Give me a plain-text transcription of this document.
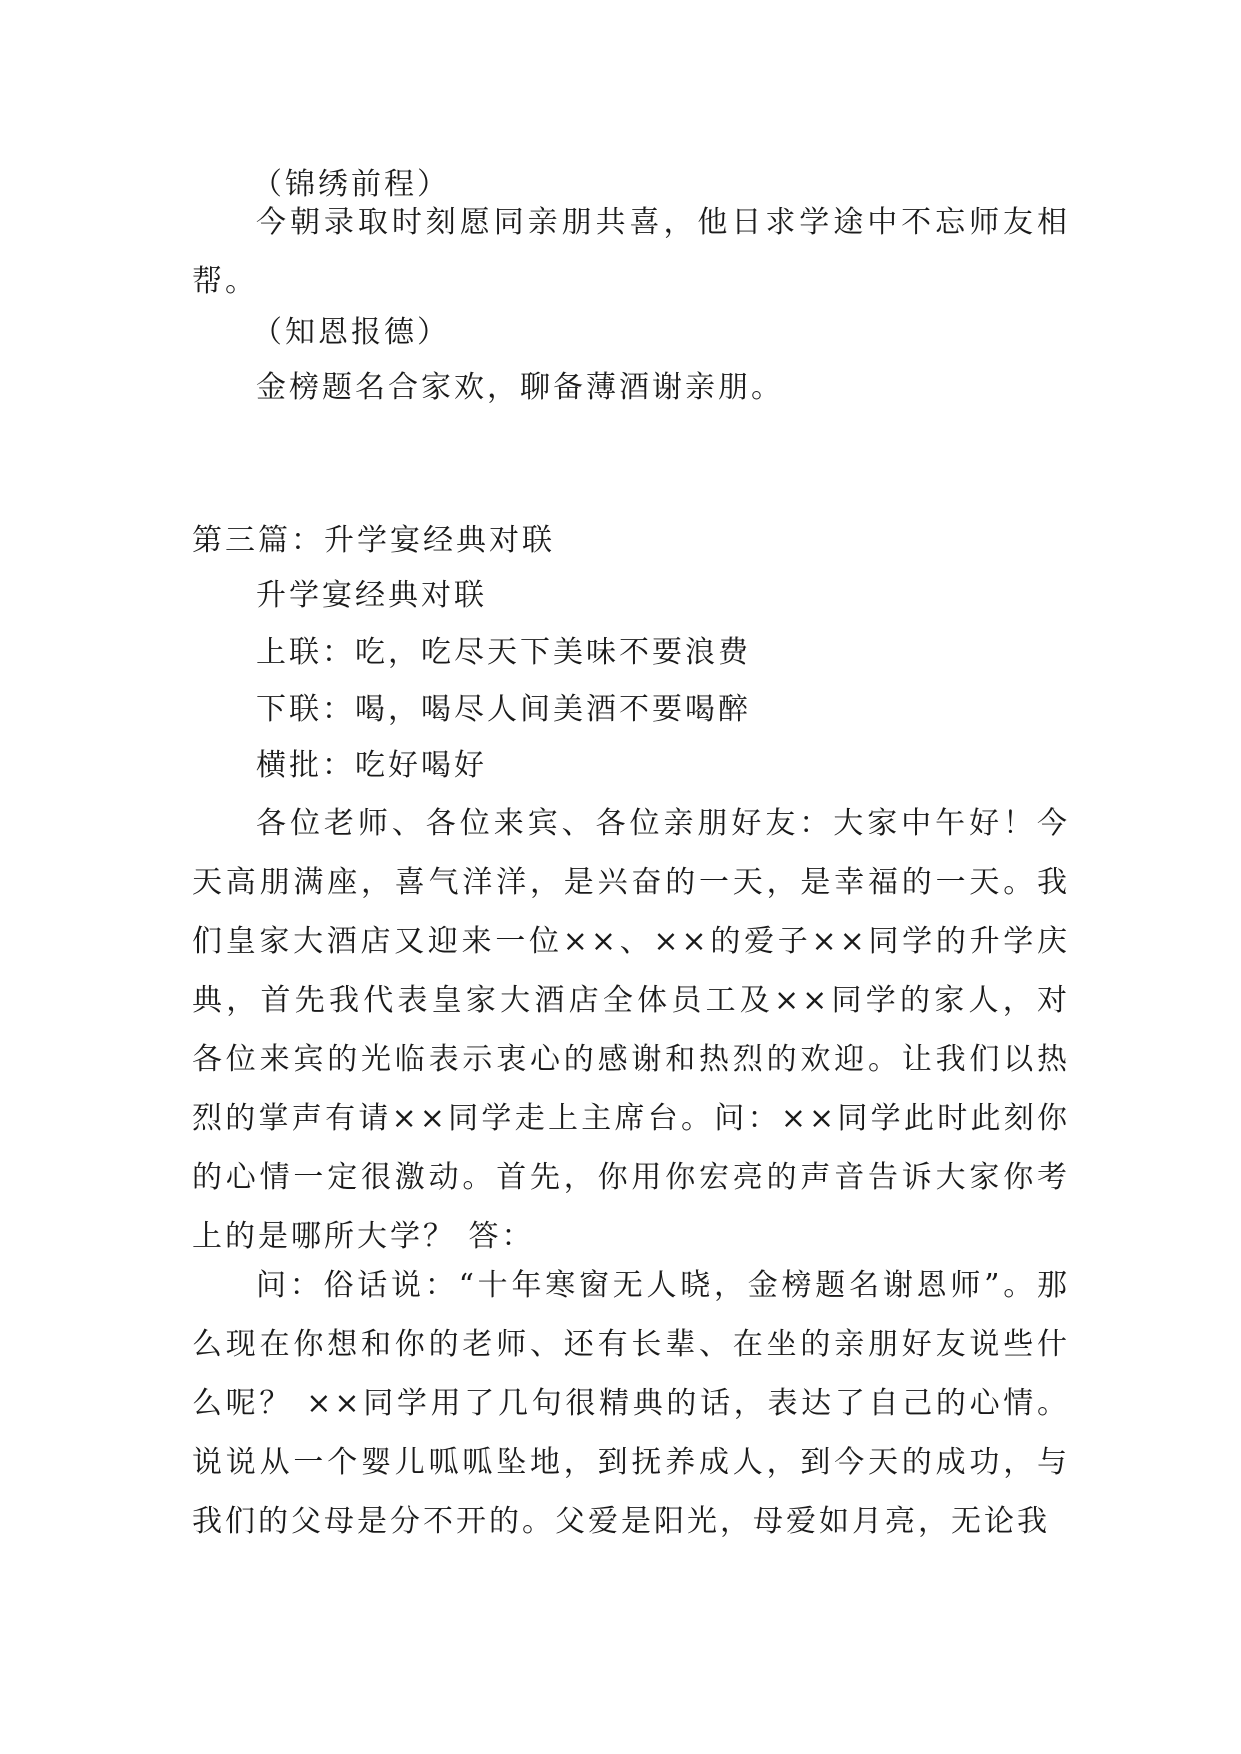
（锦绣前程）

今朝录取时刻愿同亲朋共喜，他日求学途中不忘师友相帮。

（知恩报德）
金榜题名合家欢，聊备薄酒谢亲朋。
第三篇：升学宴经典对联
升学宴经典对联
上联：吃，吃尽天下美味不要浪费
下联：喝，喝尽人间美酒不要喝醉
横批：吃好喝好

各位老师、各位来宾、各位亲朋好友：大家中午好！今天高朋满座，喜气洋洋，是兴奋的一天，是幸福的一天。我们皇家大酒店又迎来一位××、××的爱子××同学的升学庆典，首先我代表皇家大酒店全体员工及××同学的家人，对各位来宾的光临表示衷心的感谢和热烈的欢迎。让我们以热烈的掌声有请××同学走上主席台。问：××同学此时此刻你的心情一定很激动。首先，你用你宏亮的声音告诉大家你考上的是哪所大学？ 答：

问：俗话说：“十年寒窗无人晓，金榜题名谢恩师”。那么现在你想和你的老师、还有长辈、在坐的亲朋好友说些什么呢？ ××同学用了几句很精典的话，表达了自己的心情。说说从一个婴儿呱呱坠地，到抚养成人，到今天的成功，与我们的父母是分不开的。父爱是阳光，母爱如月亮，无论我
